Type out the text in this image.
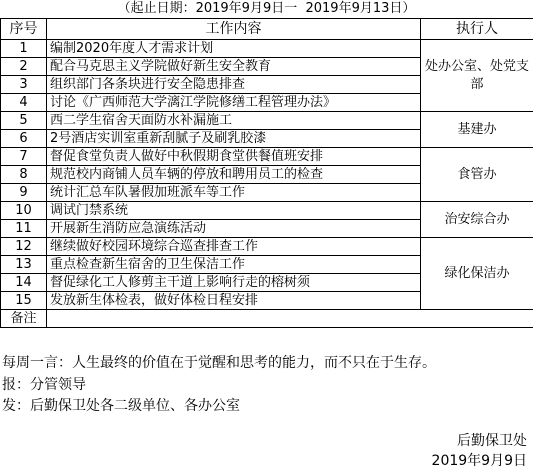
（起止日期：2019年9月9日一  2019年9月13日）
序号	工作内容	执行人
1	编制2020年度人才需求计划	处办公室、处党支部
2	配合马克思主义学院做好新生安全教育	
3	组织部门各条块进行安全隐患排查	
4	讨论《广西师范大学漓江学院修缮工程管理办法》	
5	西二学生宿舍天面防水补漏施工	基建办
6	2号酒店实训室重新刮腻子及刷乳胶漆	
7	督促食堂负责人做好中秋假期食堂供餐值班安排	食管办
8	规范校内商铺人员车辆的停放和聘用员工的检查	
9	统计汇总车队暑假加班派车等工作	
10	调试门禁系统	治安综合办
11	开展新生消防应急演练活动	
12	继续做好校园环境综合巡查排查工作	绿化保洁办
13	重点检查新生宿舍的卫生保洁工作	
14	督促绿化工人修剪主干道上影响行走的榕树须	
15	发放新生体检表，做好体检日程安排	
备注		
每周一言：人生最终的价值在于觉醒和思考的能力，而不只在于生存。
报：分管领导
发：后勤保卫处各二级单位、各办公室
后勤保卫处
2019年9月9日
